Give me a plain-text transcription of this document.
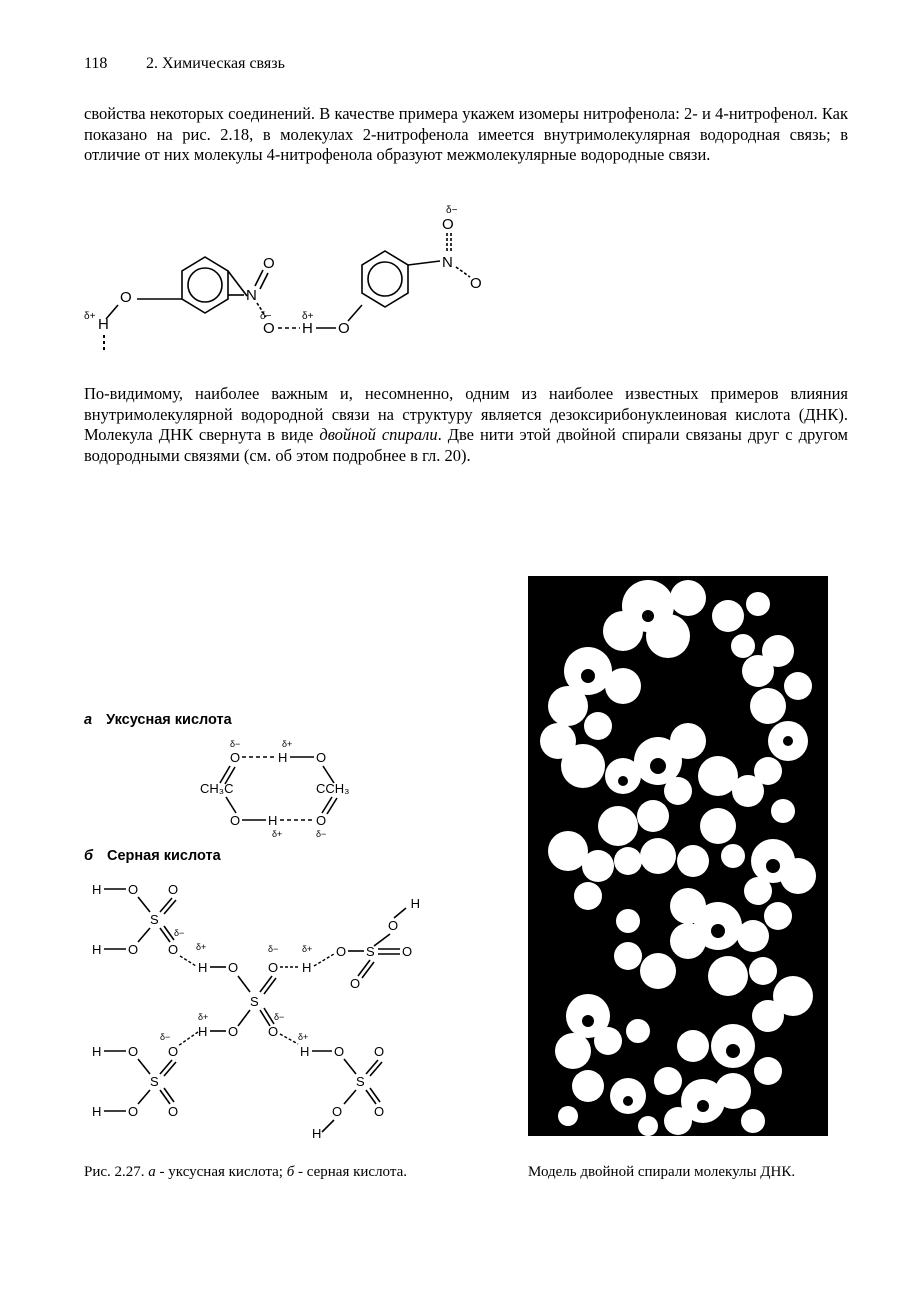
118 2. Химическая связь
свойства некоторых соединений. В качестве примера укажем изомеры нитрофенола: 2- и 4-нитрофенол. Как показано на рис. 2.18, в молекулах 2-нитрофенола имеется внутримолекулярная водородная связь; в отличие от них молекулы 4-нитрофенола образуют межмолекулярные водородные связи.
O
H
δ+
N
O
δ−
O
δ+
H O
N
O
δ−
O
По-видимому, наиболее важным и, несомненно, одним из наиболее известных примеров влияния внутримолекулярной водородной связи на структуру является дезоксирибонуклеиновая кислота (ДНК). Молекула ДНК свернута в виде двойной спирали. Две нити этой двойной спирали связаны друг с другом водородными связями (см. об этом подробнее в гл. 20).
а Уксусная кислота
б Серная кислота
δ−	δ+
O	H O
CH₃C	CCH₃
O H	O
δ+	δ−
H O O
S
δ−
H O O δ+
H O
δ−
O
δ+
H
S
δ−
O
H
δ+
O
H
O
O S O
O
δ−
H O O
S
H O O
δ+
H O O
S
O O
H
Рис. 2.27. а - уксусная кислота; б - серная кислота.	Модель двойной спирали молекулы ДНК.
